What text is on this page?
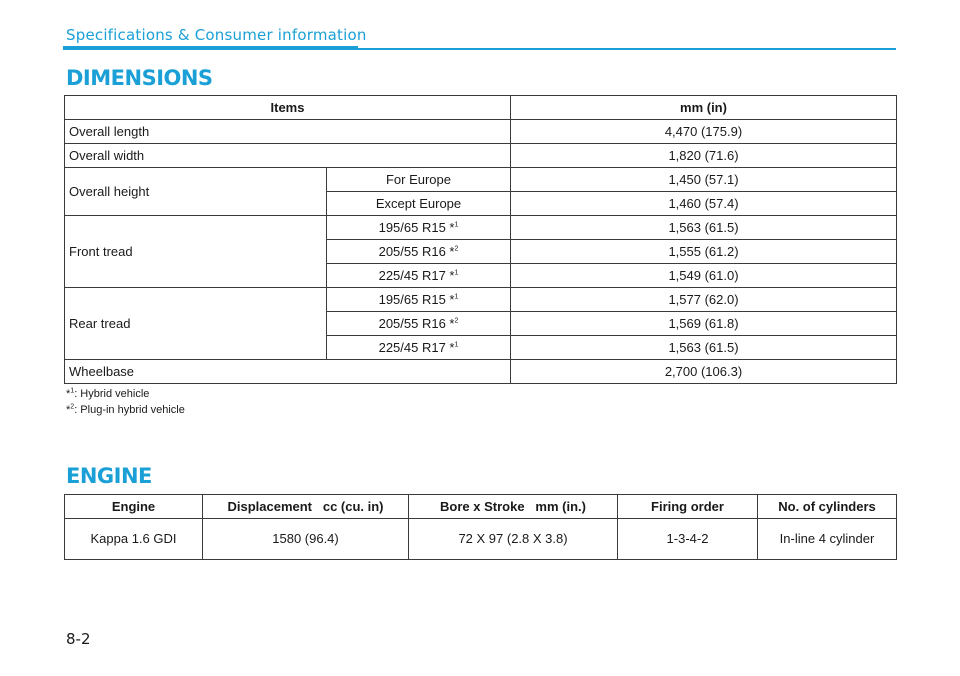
Specifications & Consumer information
DIMENSIONS
Items		mm (in)
Overall length		4,470 (175.9)
Overall width		1,820 (71.6)
Overall height	For Europe	1,450 (57.1)
	Except Europe	1,460 (57.4)
Front tread	195/65 R15 *$^1$	1,563 (61.5)
	205/55 R16 *$^2$	1,555 (61.2)
	225/45 R17 *$^1$	1,549 (61.0)
Rear tread	195/65 R15 *$^1$	1,577 (62.0)
	205/55 R16 *$^2$	1,569 (61.8)
	225/45 R17 *$^1$	1,563 (61.5)
Wheelbase		2,700 (106.3)
*$^1$: Hybrid vehicle
*$^2$: Plug-in hybrid vehicle
ENGINE
Engine	Displacement   cc (cu. in)	Bore x Stroke   mm (in.)	Firing order	No. of cylinders
Kappa 1.6 GDI	1580 (96.4)	72 X 97 (2.8 X 3.8)	1-3-4-2	In-line 4 cylinder
8-2
